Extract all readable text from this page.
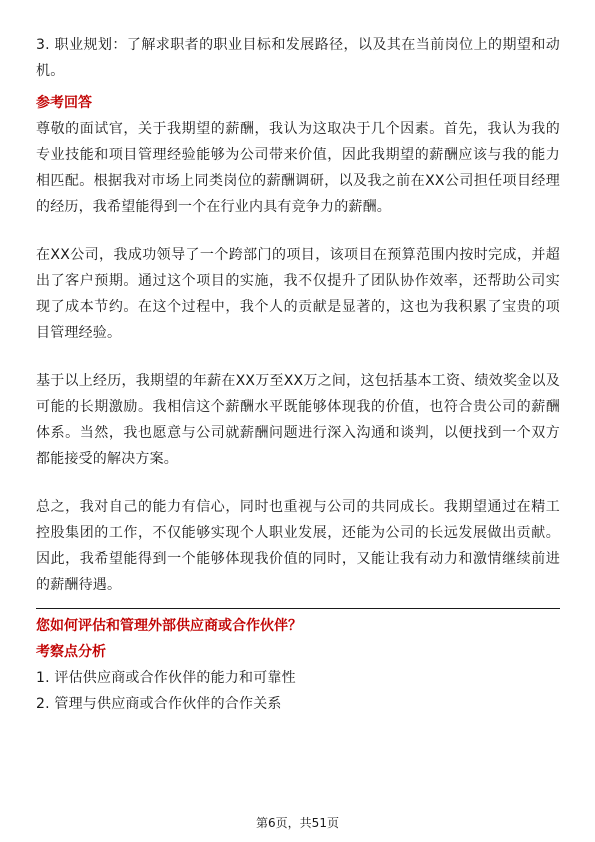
3. 职业规划：了解求职者的职业目标和发展路径，以及其在当前岗位上的期望和动机。

参考回答

尊敬的面试官，关于我期望的薪酬，我认为这取决于几个因素。首先，我认为我的专业技能和项目管理经验能够为公司带来价值，因此我期望的薪酬应该与我的能力相匹配。根据我对市场上同类岗位的薪酬调研，以及我之前在XX公司担任项目经理的经历，我希望能得到一个在行业内具有竞争力的薪酬。

在XX公司，我成功领导了一个跨部门的项目，该项目在预算范围内按时完成，并超出了客户预期。通过这个项目的实施，我不仅提升了团队协作效率，还帮助公司实现了成本节约。在这个过程中，我个人的贡献是显著的，这也为我积累了宝贵的项目管理经验。

基于以上经历，我期望的年薪在XX万至XX万之间，这包括基本工资、绩效奖金以及可能的长期激励。我相信这个薪酬水平既能够体现我的价值，也符合贵公司的薪酬体系。当然，我也愿意与公司就薪酬问题进行深入沟通和谈判，以便找到一个双方都能接受的解决方案。

总之，我对自己的能力有信心，同时也重视与公司的共同成长。我期望通过在精工控股集团的工作，不仅能够实现个人职业发展，还能为公司的长远发展做出贡献。因此，我希望能得到一个能够体现我价值的同时，又能让我有动力和激情继续前进的薪酬待遇。

您如何评估和管理外部供应商或合作伙伴？

考察点分析

1. 评估供应商或合作伙伴的能力和可靠性

2. 管理与供应商或合作伙伴的合作关系

第6页，共51页
